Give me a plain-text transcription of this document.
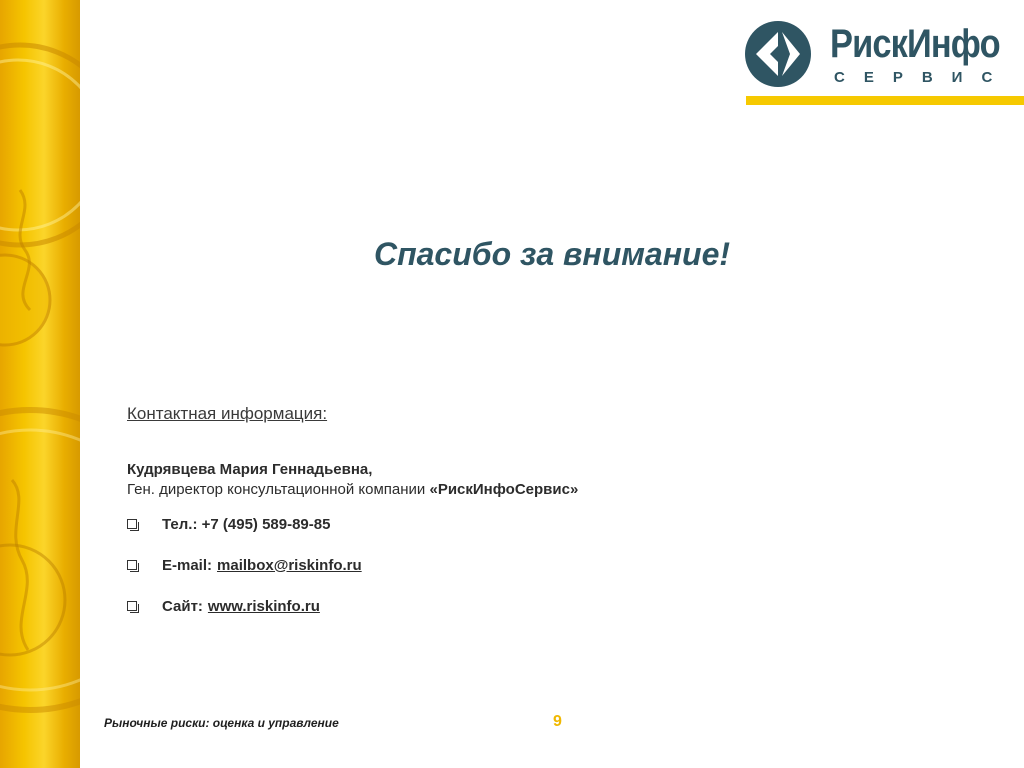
РискИнфо
СЕРВИС
Спасибо за внимание!
Контактная информация:
Кудрявцева Мария Геннадьевна,
Ген. директор консультационной компании «РискИнфоСервис»
Тел.: +7 (495) 589-89-85
E-mail: mailbox@riskinfo.ru
Сайт: www.riskinfo.ru
Рыночные риски: оценка и управление	9
